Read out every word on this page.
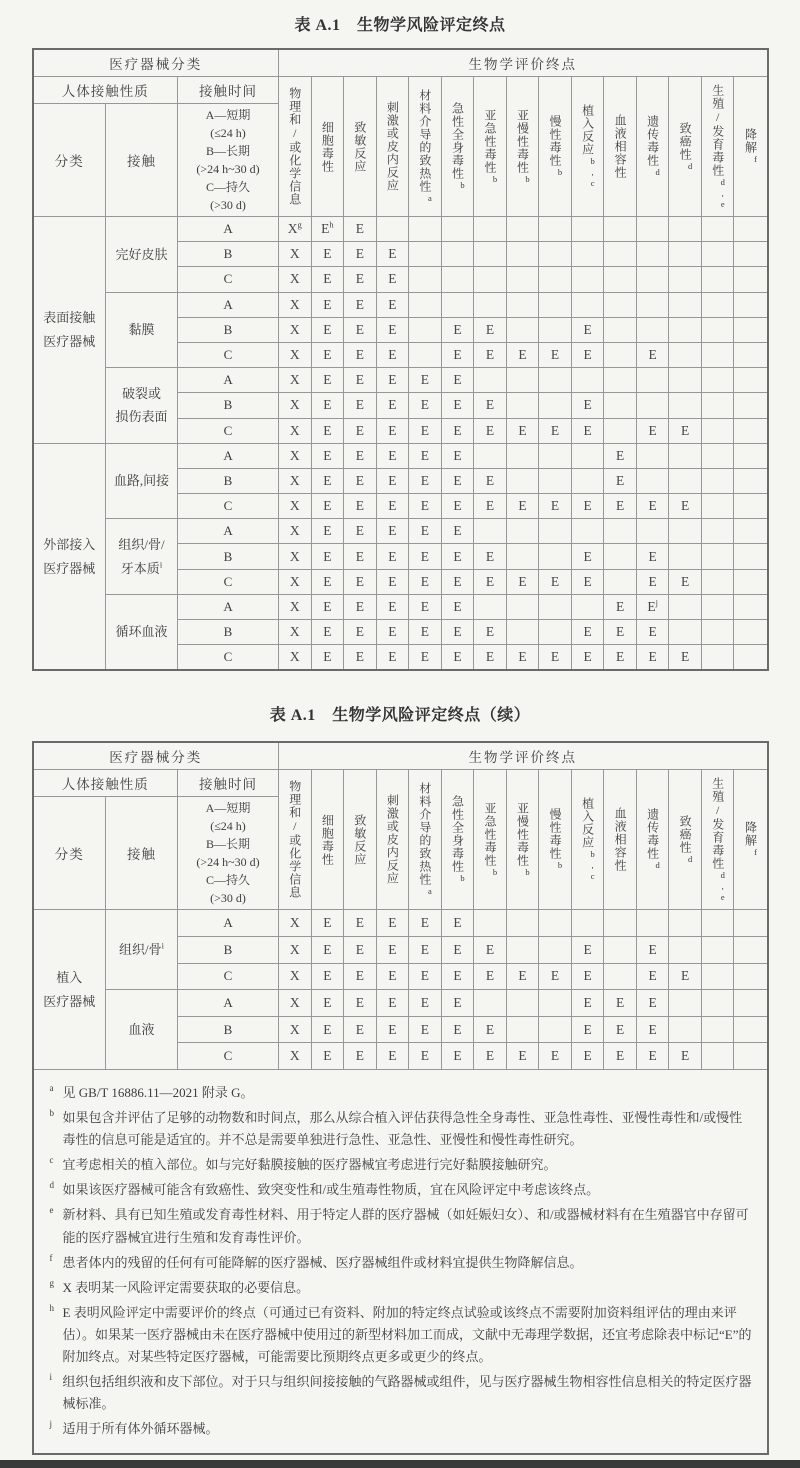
表 A.1　生物学风险评定终点
医疗器械分类			生物学评价终点														
人体接触性质		接触时间	物理和/或化学信息	细胞毒性	致敏反应	刺激或皮内反应	材料介导的致热性$^a$	急性全身毒性$^b$	亚急性毒性$^b$	亚慢性毒性$^b$	慢性毒性$^b$	植入反应$^{b,c}$	血液相容性	遗传毒性$^d$	致癌性$^d$	生殖/发育毒性$^{d,e}$	降解$^f$
分类	接触	A—短期
(≤24 h)
B—长期
(>24 h~30 d)
C—持久
(>30 d)
表面接触
医疗器械	完好皮肤	A	$X^g$	$E^h$	E												
		B	X	E	E	E											
		C	X	E	E	E											
	黏膜	A	X	E	E	E											
		B	X	E	E	E		E	E			E					
		C	X	E	E	E		E	E	E	E	E		E			
	破裂或
损伤表面	A	X	E	E	E	E	E									
		B	X	E	E	E	E	E	E			E					
		C	X	E	E	E	E	E	E	E	E	E		E	E		
外部接入
医疗器械	血路,间接	A	X	E	E	E	E	E					E				
		B	X	E	E	E	E	E	E				E				
		C	X	E	E	E	E	E	E	E	E	E	E	E	E		
	组织/骨/
牙本质$^i$	A	X	E	E	E	E	E									
		B	X	E	E	E	E	E	E			E		E			
		C	X	E	E	E	E	E	E	E	E	E		E	E		
	循环血液	A	X	E	E	E	E	E					E	$E^j$			
		B	X	E	E	E	E	E	E			E	E	E			
		C	X	E	E	E	E	E	E	E	E	E	E	E	E		
表 A.1　生物学风险评定终点（续）
医疗器械分类			生物学评价终点														
人体接触性质		接触时间	物理和/或化学信息	细胞毒性	致敏反应	刺激或皮内反应	材料介导的致热性$^a$	急性全身毒性$^b$	亚急性毒性$^b$	亚慢性毒性$^b$	慢性毒性$^b$	植入反应$^{b,c}$	血液相容性	遗传毒性$^d$	致癌性$^d$	生殖/发育毒性$^{d,e}$	降解$^f$
分类	接触	A—短期
(≤24 h)
B—长期
(>24 h~30 d)
C—持久
(>30 d)
植入
医疗器械	组织/骨$^i$	A	X	E	E	E	E	E									
		B	X	E	E	E	E	E	E			E		E			
		C	X	E	E	E	E	E	E	E	E	E		E	E		
	血液	A	X	E	E	E	E	E				E	E	E			
		B	X	E	E	E	E	E	E			E	E	E			
		C	X	E	E	E	E	E	E	E	E	E	E	E	E		
a 见 GB/T 16886.11—2021 附录 G。
b 如果包含并评估了足够的动物数和时间点，那么从综合植入评估获得急性全身毒性、亚急性毒性、亚慢性毒性和/或慢性毒性的信息可能是适宜的。并不总是需要单独进行急性、亚急性、亚慢性和慢性毒性研究。
c 宜考虑相关的植入部位。如与完好黏膜接触的医疗器械宜考虑进行完好黏膜接触研究。
d 如果该医疗器械可能含有致癌性、致突变性和/或生殖毒性物质，宜在风险评定中考虑该终点。
e 新材料、具有已知生殖或发育毒性材料、用于特定人群的医疗器械（如妊娠妇女）、和/或器械材料有在生殖器官中存留可能的医疗器械宜进行生殖和发育毒性评价。
f 患者体内的残留的任何有可能降解的医疗器械、医疗器械组件或材料宜提供生物降解信息。
g X 表明某一风险评定需要获取的必要信息。
h E 表明风险评定中需要评价的终点（可通过已有资料、附加的特定终点试验或该终点不需要附加资料组评估的理由来评估）。如果某一医疗器械由未在医疗器械中使用过的新型材料加工而成，文献中无毒理学数据，还宜考虑除表中标记“E”的附加终点。对某些特定医疗器械，可能需要比预期终点更多或更少的终点。
i 组织包括组织液和皮下部位。对于只与组织间接接触的气路器械或组件，见与医疗器械生物相容性信息相关的特定医疗器械标准。
j 适用于所有体外循环器械。
